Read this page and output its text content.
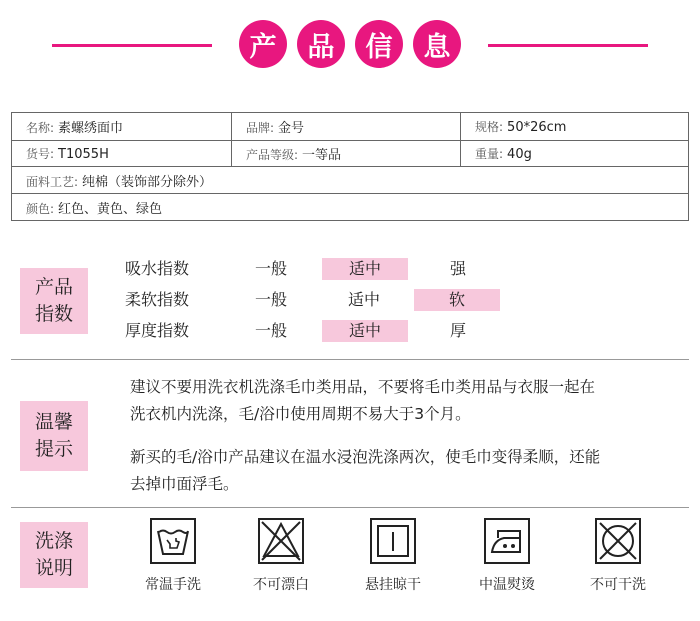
产	品	信	息
名称: 素螺绣面巾	品牌: 金号	规格: 50*26cm
货号: T1055H	产品等级: 一等品	重量: 40g
面料工艺: 纯棉（装饰部分除外）		
颜色: 红色、黄色、绿色		
产品
指数
吸水指数	一般	适中	强
柔软指数	一般	适中	软
厚度指数	一般	适中	厚
温馨
提示
建议不要用洗衣机洗涤毛巾类用品，不要将毛巾类用品与衣服一起在
洗衣机内洗涤，毛/浴巾使用周期不易大于3个月。
新买的毛/浴巾产品建议在温水浸泡洗涤两次，使毛巾变得柔顺，还能
去掉巾面浮毛。
洗涤
说明
常温手洗	不可漂白	悬挂晾干	中温熨烫	不可干洗
